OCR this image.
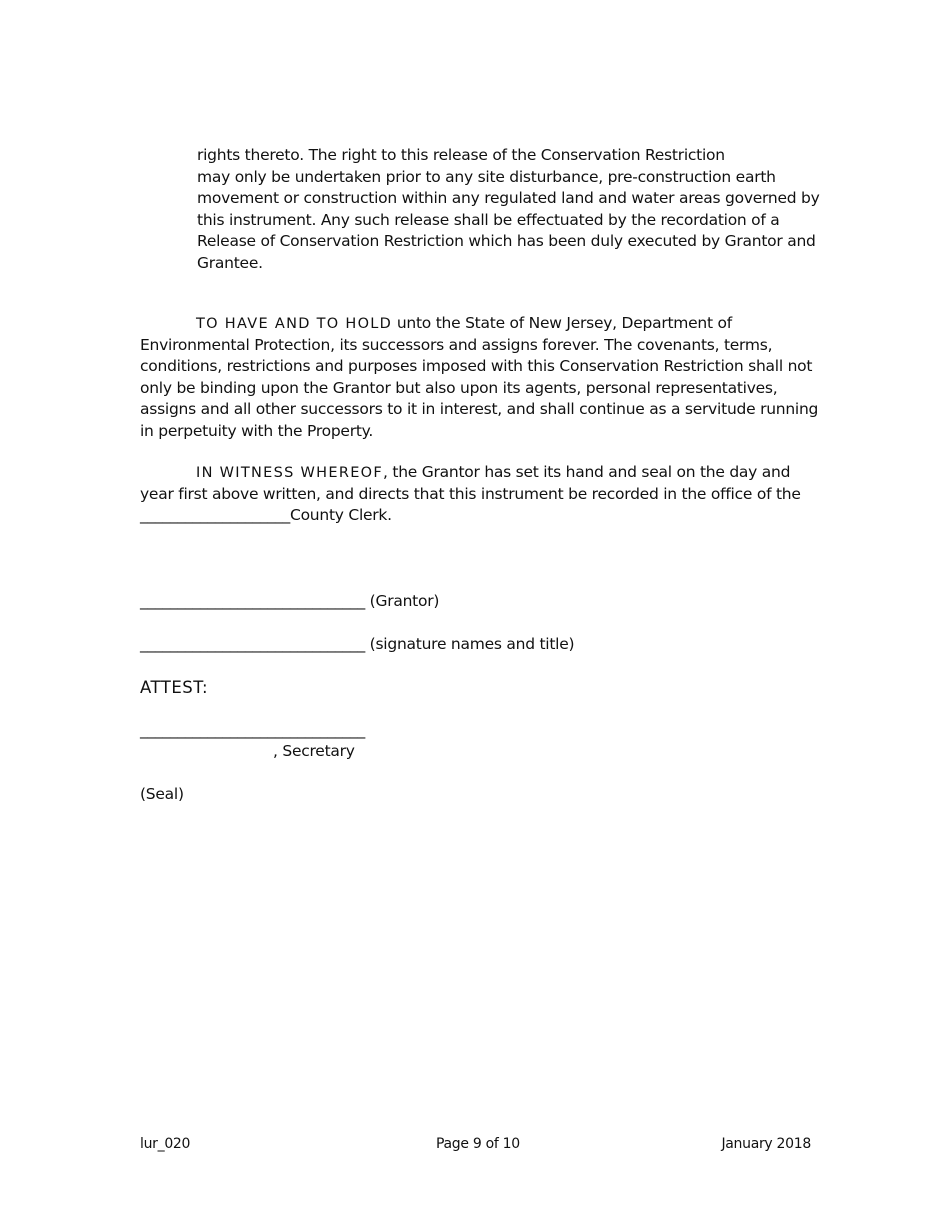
rights thereto. The right to this release of the Conservation Restriction
may only be undertaken prior to any site disturbance, pre-construction earth
movement or construction within any regulated land and water areas governed by
this instrument. Any such release shall be effectuated by the recordation of a
Release of Conservation Restriction which has been duly executed by Grantor and
Grantee.
TO HAVE AND TO HOLD unto the State of New Jersey, Department of
Environmental Protection, its successors and assigns forever. The covenants, terms,
conditions, restrictions and purposes imposed with this Conservation Restriction shall not
only be binding upon the Grantor but also upon its agents, personal representatives,
assigns and all other successors to it in interest, and shall continue as a servitude running
in perpetuity with the Property.
IN WITNESS WHEREOF, the Grantor has set its hand and seal on the day and
year first above written, and directs that this instrument be recorded in the office of the
____________________County Clerk.
______________________________ (Grantor)
______________________________ (signature names and title)
ATTEST:
______________________________
, Secretary
(Seal)
lur_020	Page 9 of 10	January 2018
